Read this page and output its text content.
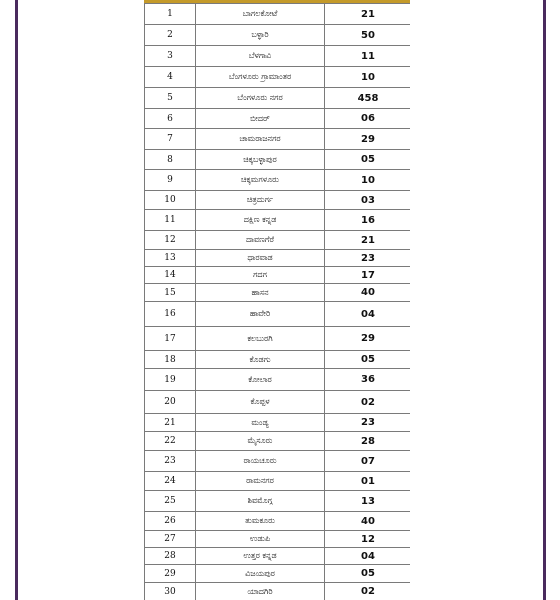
1	ಬಾಗಲಕೋಟೆ	21
2	ಬಳ್ಳಾರಿ	50
3	ಬೆಳಗಾವಿ	11
4	ಬೆಂಗಳೂರು ಗ್ರಾಮಾಂತರ	10
5	ಬೆಂಗಳೂರು ನಗರ	458
6	ಬೀದರ್	06
7	ಚಾಮರಾಜನಗರ	29
8	ಚಿಕ್ಕಬಳ್ಳಾಪುರ	05
9	ಚಿಕ್ಕಮಗಳೂರು	10
10	ಚಿತ್ರದುರ್ಗ	03
11	ದಕ್ಷಿಣ ಕನ್ನಡ	16
12	ದಾವಣಗೆರೆ	21
13	ಧಾರವಾಡ	23
14	ಗದಗ	17
15	ಹಾಸನ	40
16	ಹಾವೇರಿ	04
17	ಕಲಬುರಗಿ	29
18	ಕೊಡಗು	05
19	ಕೋಲಾರ	36
20	ಕೊಪ್ಪಳ	02
21	ಮಂಡ್ಯ	23
22	ಮೈಸೂರು	28
23	ರಾಯಚೂರು	07
24	ರಾಮನಗರ	01
25	ಶಿವಮೊಗ್ಗ	13
26	ತುಮಕೂರು	40
27	ಉಡುಪಿ	12
28	ಉತ್ತರ ಕನ್ನಡ	04
29	ವಿಜಯಪುರ	05
30	ಯಾದಗಿರಿ	02
